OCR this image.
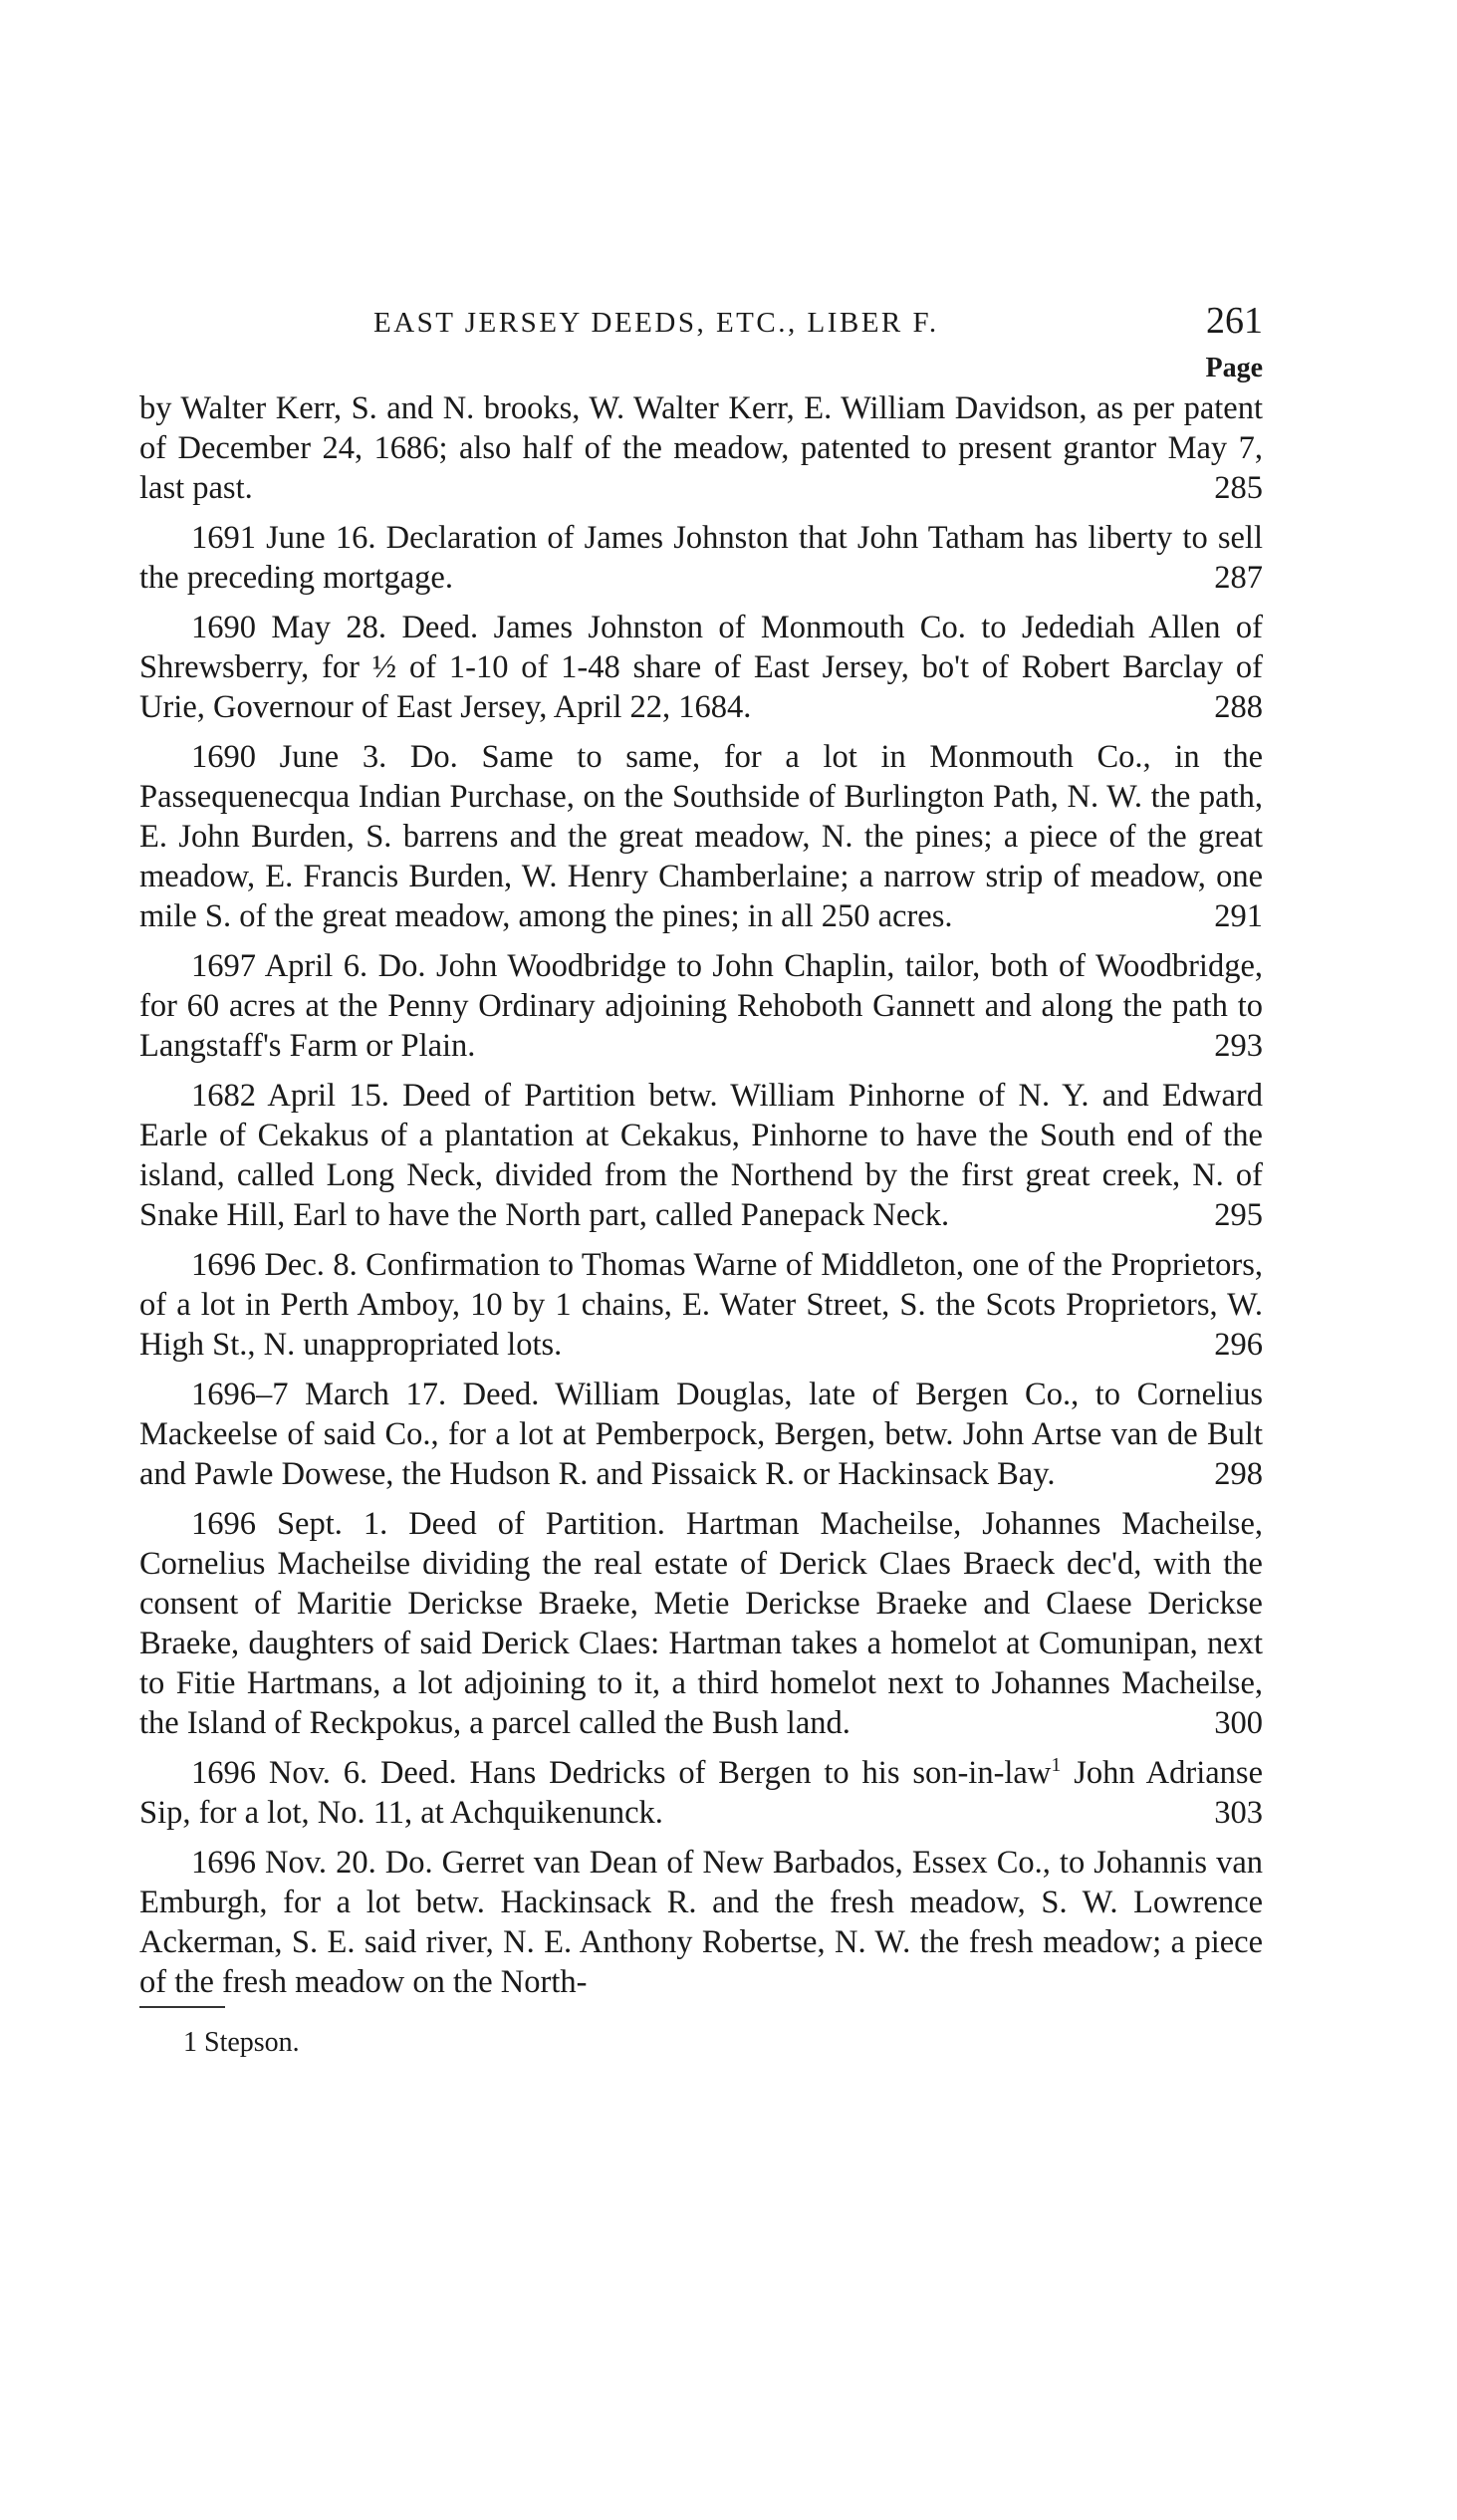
EAST JERSEY DEEDS, ETC., LIBER F.	261
Page
by Walter Kerr, S. and N. brooks, W. Walter Kerr, E. William Davidson, as per patent of December 24, 1686; also half of the meadow, patented to present grantor May 7, last past.	285
1691 June 16. Declaration of James Johnston that John Tatham has liberty to sell the preceding mortgage.	287
1690 May 28. Deed. James Johnston of Monmouth Co. to Jedediah Allen of Shrewsberry, for ½ of 1-10 of 1-48 share of East Jersey, bo't of Robert Barclay of Urie, Governour of East Jersey, April 22, 1684.	288
1690 June 3. Do. Same to same, for a lot in Monmouth Co., in the Passequenecqua Indian Purchase, on the Southside of Burlington Path, N. W. the path, E. John Burden, S. barrens and the great meadow, N. the pines; a piece of the great meadow, E. Francis Burden, W. Henry Chamberlaine; a narrow strip of meadow, one mile S. of the great meadow, among the pines; in all 250 acres.	291
1697 April 6. Do. John Woodbridge to John Chaplin, tailor, both of Woodbridge, for 60 acres at the Penny Ordinary adjoining Rehoboth Gannett and along the path to Langstaff's Farm or Plain.	293
1682 April 15. Deed of Partition betw. William Pinhorne of N. Y. and Edward Earle of Cekakus of a plantation at Cekakus, Pinhorne to have the South end of the island, called Long Neck, divided from the Northend by the first great creek, N. of Snake Hill, Earl to have the North part, called Panepack Neck.	295
1696 Dec. 8. Confirmation to Thomas Warne of Middleton, one of the Proprietors, of a lot in Perth Amboy, 10 by 1 chains, E. Water Street, S. the Scots Proprietors, W. High St., N. unappropriated lots.	296
1696–7 March 17. Deed. William Douglas, late of Bergen Co., to Cornelius Mackeelse of said Co., for a lot at Pemberpock, Bergen, betw. John Artse van de Bult and Pawle Dowese, the Hudson R. and Pissaick R. or Hackinsack Bay.	298
1696 Sept. 1. Deed of Partition. Hartman Macheilse, Johannes Macheilse, Cornelius Macheilse dividing the real estate of Derick Claes Braeck dec'd, with the consent of Maritie Derickse Braeke, Metie Derickse Braeke and Claese Derickse Braeke, daughters of said Derick Claes: Hartman takes a homelot at Comunipan, next to Fitie Hartmans, a lot adjoining to it, a third homelot next to Johannes Macheilse, the Island of Reckpokus, a parcel called the Bush land.	300
1696 Nov. 6. Deed. Hans Dedricks of Bergen to his son-in-law$^1$ John Adrianse Sip, for a lot, No. 11, at Achquikenunck.	303
1696 Nov. 20. Do. Gerret van Dean of New Barbados, Essex Co., to Johannis van Emburgh, for a lot betw. Hackinsack R. and the fresh meadow, S. W. Lowrence Ackerman, S. E. said river, N. E. Anthony Robertse, N. W. the fresh meadow; a piece of the fresh meadow on the North-
1 Stepson.
